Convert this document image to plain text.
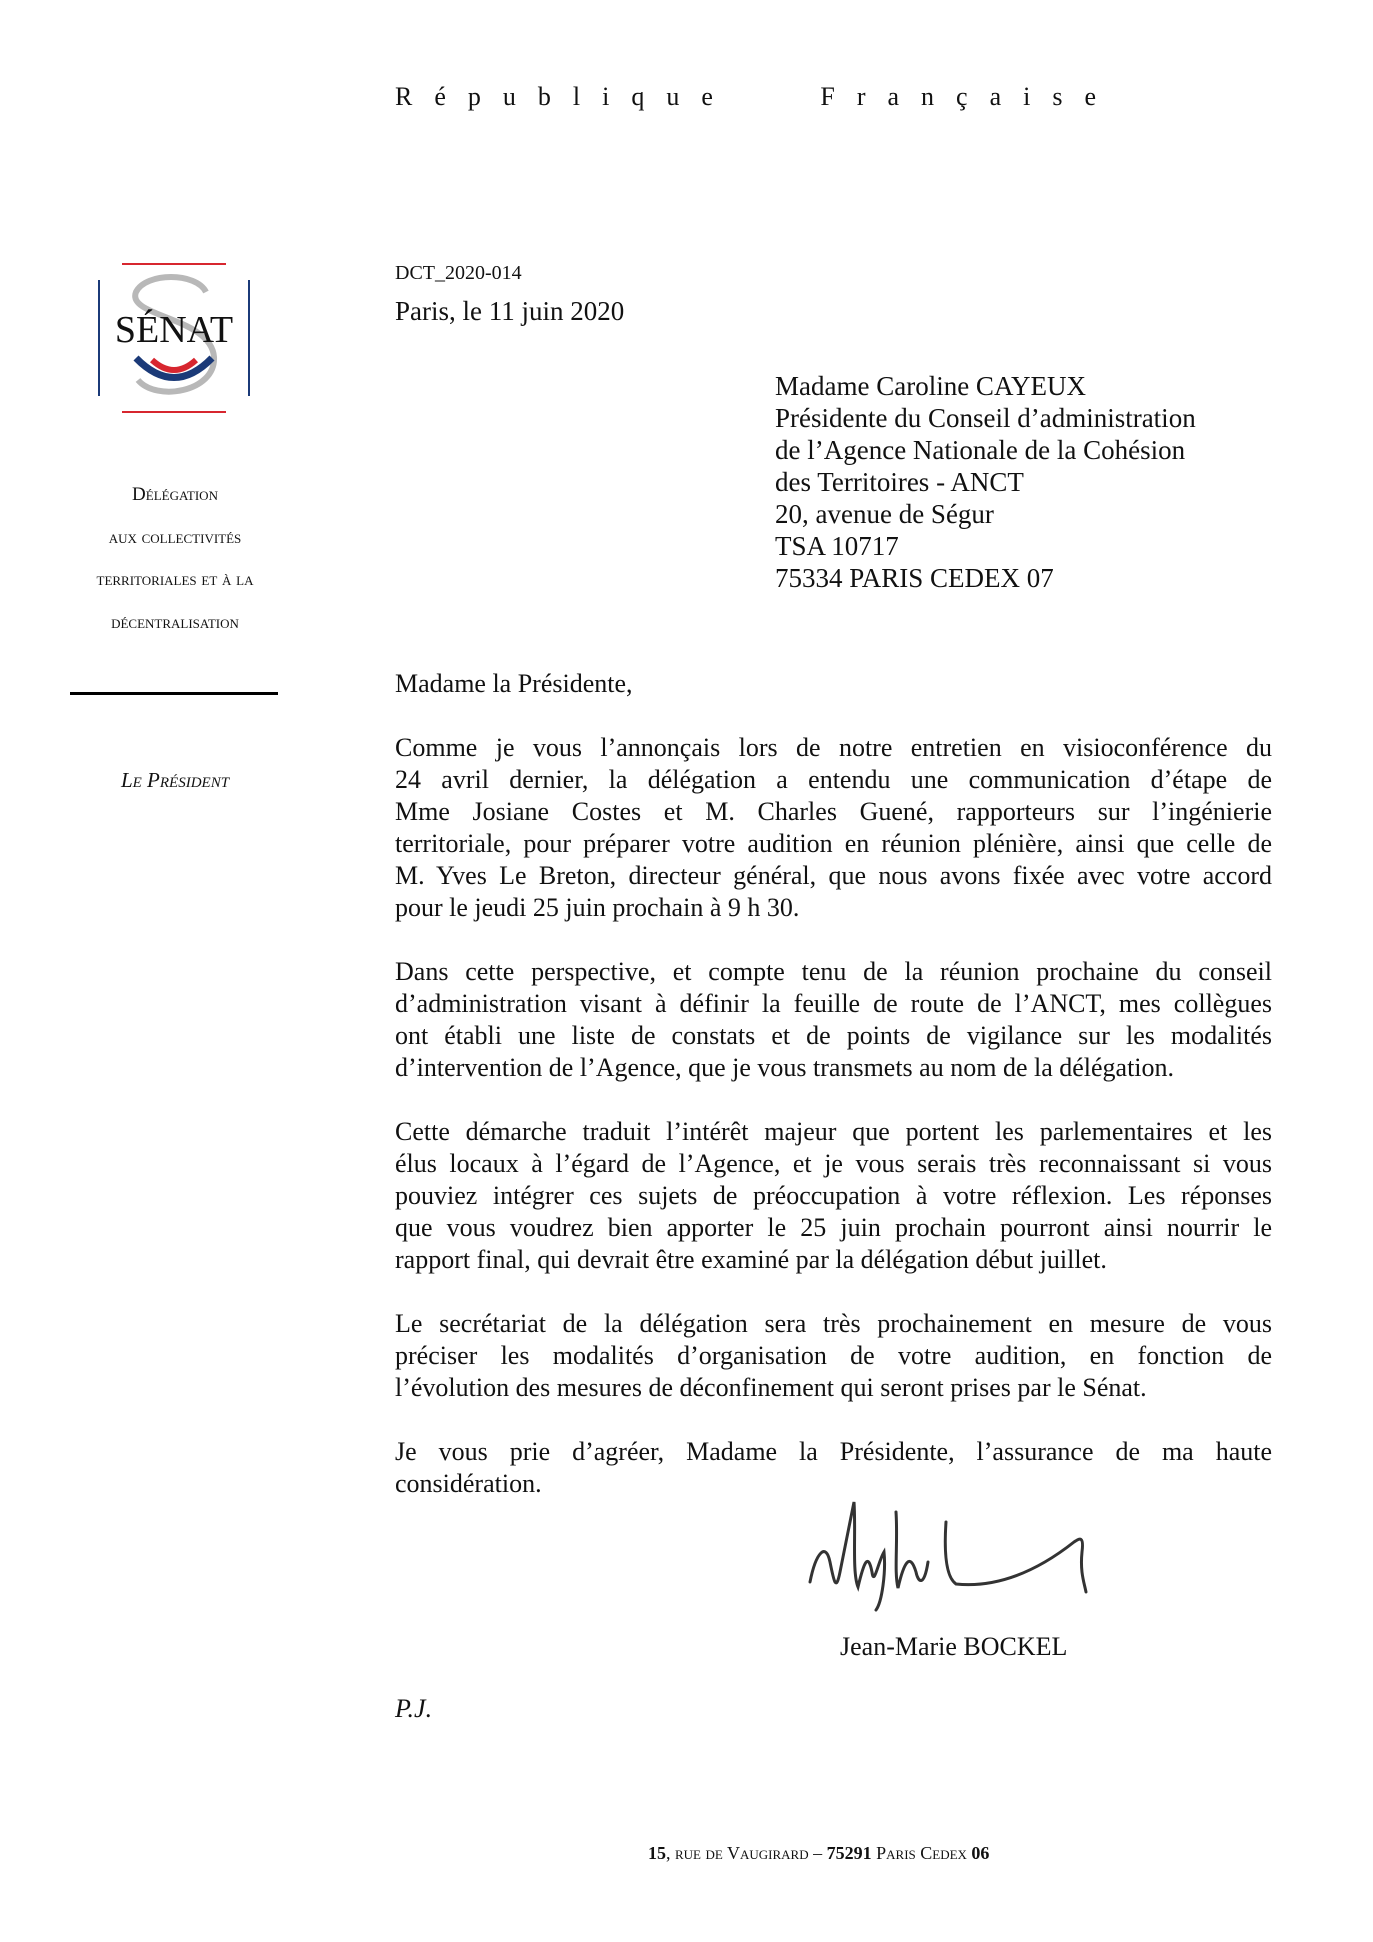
République	Française
SÉNAT
DCT_2020-014
Paris, le 11 juin 2020
Madame Caroline CAYEUX
Présidente du Conseil d’administration
de l’Agence Nationale de la Cohésion
des Territoires - ANCT
20, avenue de Ségur
TSA 10717
75334 PARIS CEDEX 07
Délégation
aux collectivités
territoriales et à la
décentralisation
Le Président
Madame la Présidente,
Comme je vous l’annonçais lors de notre entretien en visioconférence du
24 avril dernier, la délégation a entendu une communication d’étape de
Mme Josiane Costes et M. Charles Guené, rapporteurs sur l’ingénierie
territoriale, pour préparer votre audition en réunion plénière, ainsi que celle de
M. Yves Le Breton, directeur général, que nous avons fixée avec votre accord
pour le jeudi 25 juin prochain à 9 h 30.
Dans cette perspective, et compte tenu de la réunion prochaine du conseil
d’administration visant à définir la feuille de route de l’ANCT, mes collègues
ont établi une liste de constats et de points de vigilance sur les modalités
d’intervention de l’Agence, que je vous transmets au nom de la délégation.
Cette démarche traduit l’intérêt majeur que portent les parlementaires et les
élus locaux à l’égard de l’Agence, et je vous serais très reconnaissant si vous
pouviez intégrer ces sujets de préoccupation à votre réflexion. Les réponses
que vous voudrez bien apporter le 25 juin prochain pourront ainsi nourrir le
rapport final, qui devrait être examiné par la délégation début juillet.
Le secrétariat de la délégation sera très prochainement en mesure de vous
préciser les modalités d’organisation de votre audition, en fonction de
l’évolution des mesures de déconfinement qui seront prises par le Sénat.
Je vous prie d’agréer, Madame la Présidente, l’assurance de ma haute
considération.
Jean-Marie BOCKEL
P.J.
15, rue de Vaugirard – 75291 Paris Cedex 06
